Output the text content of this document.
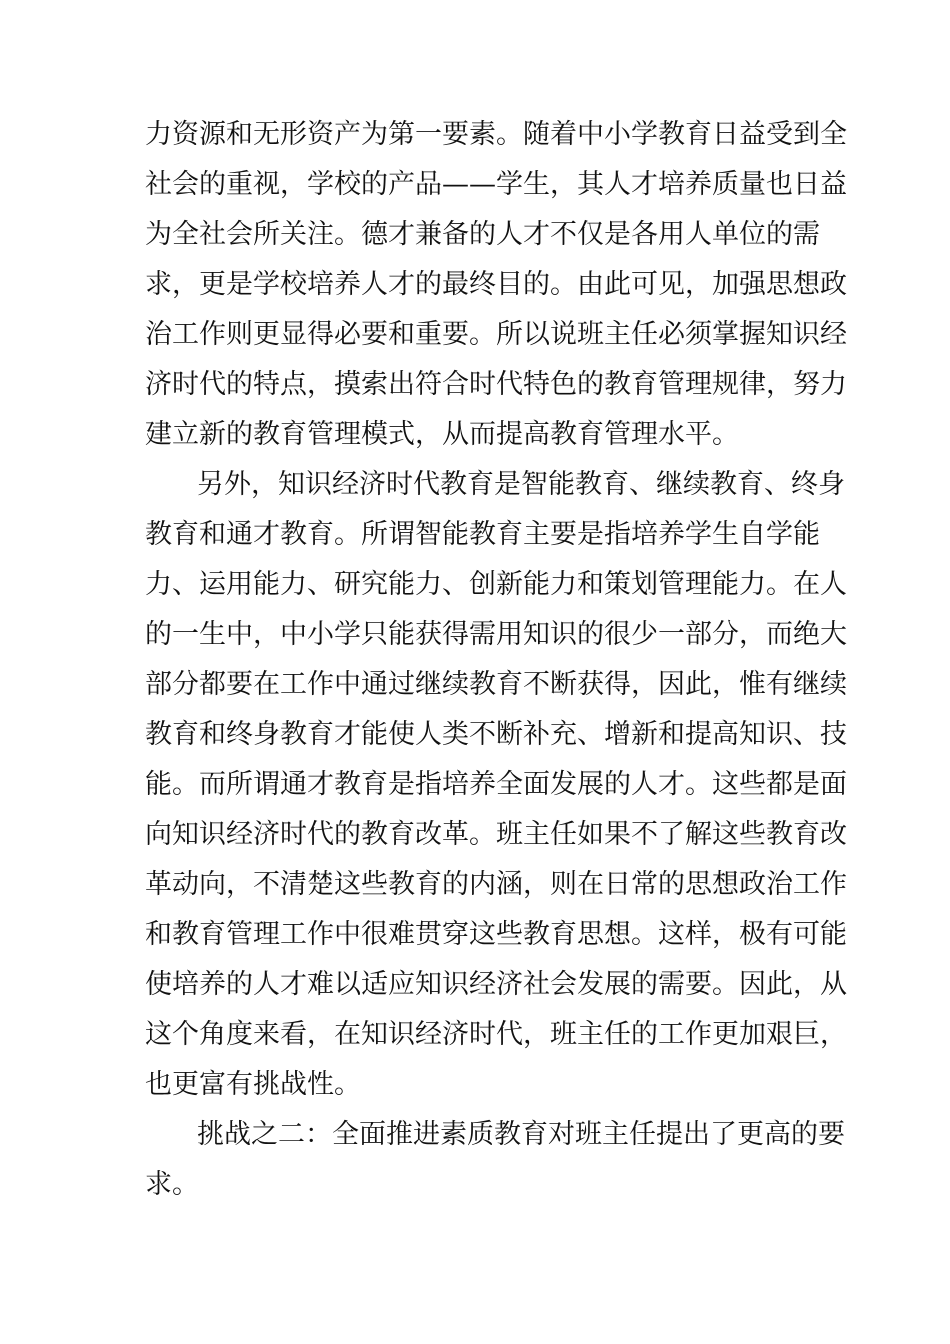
力资源和无形资产为第一要素。随着中小学教育日益受到全
社会的重视，学校的产品——学生，其人才培养质量也日益
为全社会所关注。德才兼备的人才不仅是各用人单位的需
求，更是学校培养人才的最终目的。由此可见，加强思想政
治工作则更显得必要和重要。所以说班主任必须掌握知识经
济时代的特点，摸索出符合时代特色的教育管理规律，努力
建立新的教育管理模式，从而提高教育管理水平。
另外，知识经济时代教育是智能教育、继续教育、终身
教育和通才教育。所谓智能教育主要是指培养学生自学能
力、运用能力、研究能力、创新能力和策划管理能力。在人
的一生中，中小学只能获得需用知识的很少一部分，而绝大
部分都要在工作中通过继续教育不断获得，因此，惟有继续
教育和终身教育才能使人类不断补充、增新和提高知识、技
能。而所谓通才教育是指培养全面发展的人才。这些都是面
向知识经济时代的教育改革。班主任如果不了解这些教育改
革动向，不清楚这些教育的内涵，则在日常的思想政治工作
和教育管理工作中很难贯穿这些教育思想。这样，极有可能
使培养的人才难以适应知识经济社会发展的需要。因此，从
这个角度来看，在知识经济时代，班主任的工作更加艰巨，
也更富有挑战性。
挑战之二：全面推进素质教育对班主任提出了更高的要
求。
